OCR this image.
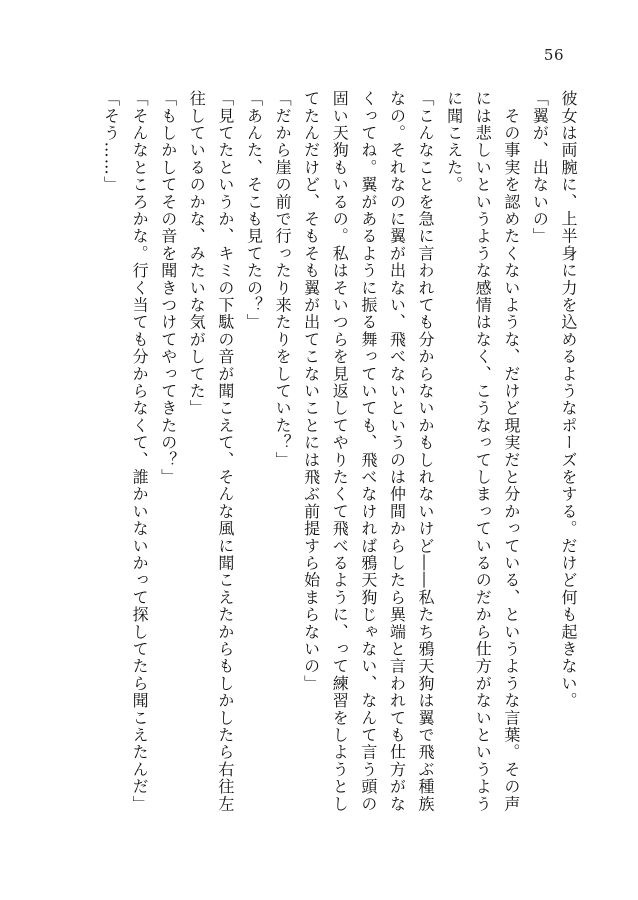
56
彼女は両腕に、上半身に力を込めるようなポーズをする。だけど何も起きない。
「翼が、出ないの」
　その事実を認めたくないような、だけど現実だと分かっている、というような言葉。その声
には悲しいというような感情はなく、こうなってしまっているのだから仕方がないというよう
に聞こえた。
「こんなことを急に言われても分からないかもしれないけど――私たち鴉天狗は翼で飛ぶ種族
なの。それなのに翼が出ない、飛べないというのは仲間からしたら異端と言われても仕方がな
くってね。翼があるように振る舞っていても、飛べなければ鴉天狗じゃない、なんて言う頭の
固い天狗もいるの。私はそいつらを見返してやりたくて飛べるように、って練習をしようとし
てたんだけど、そもそも翼が出てこないことには飛ぶ前提すら始まらないの」
「だから崖の前で行ったり来たりをしていた？」
「あんた、そこも見てたの？」
「見てたというか、キミの下駄の音が聞こえて、そんな風に聞こえたからもしかしたら右往左
往しているのかな、みたいな気がしてた」
「もしかしてその音を聞きつけてやってきたの？」
「そんなところかな。行く当ても分からなくて、誰かいないかって探してたら聞こえたんだ」
「そう……」
